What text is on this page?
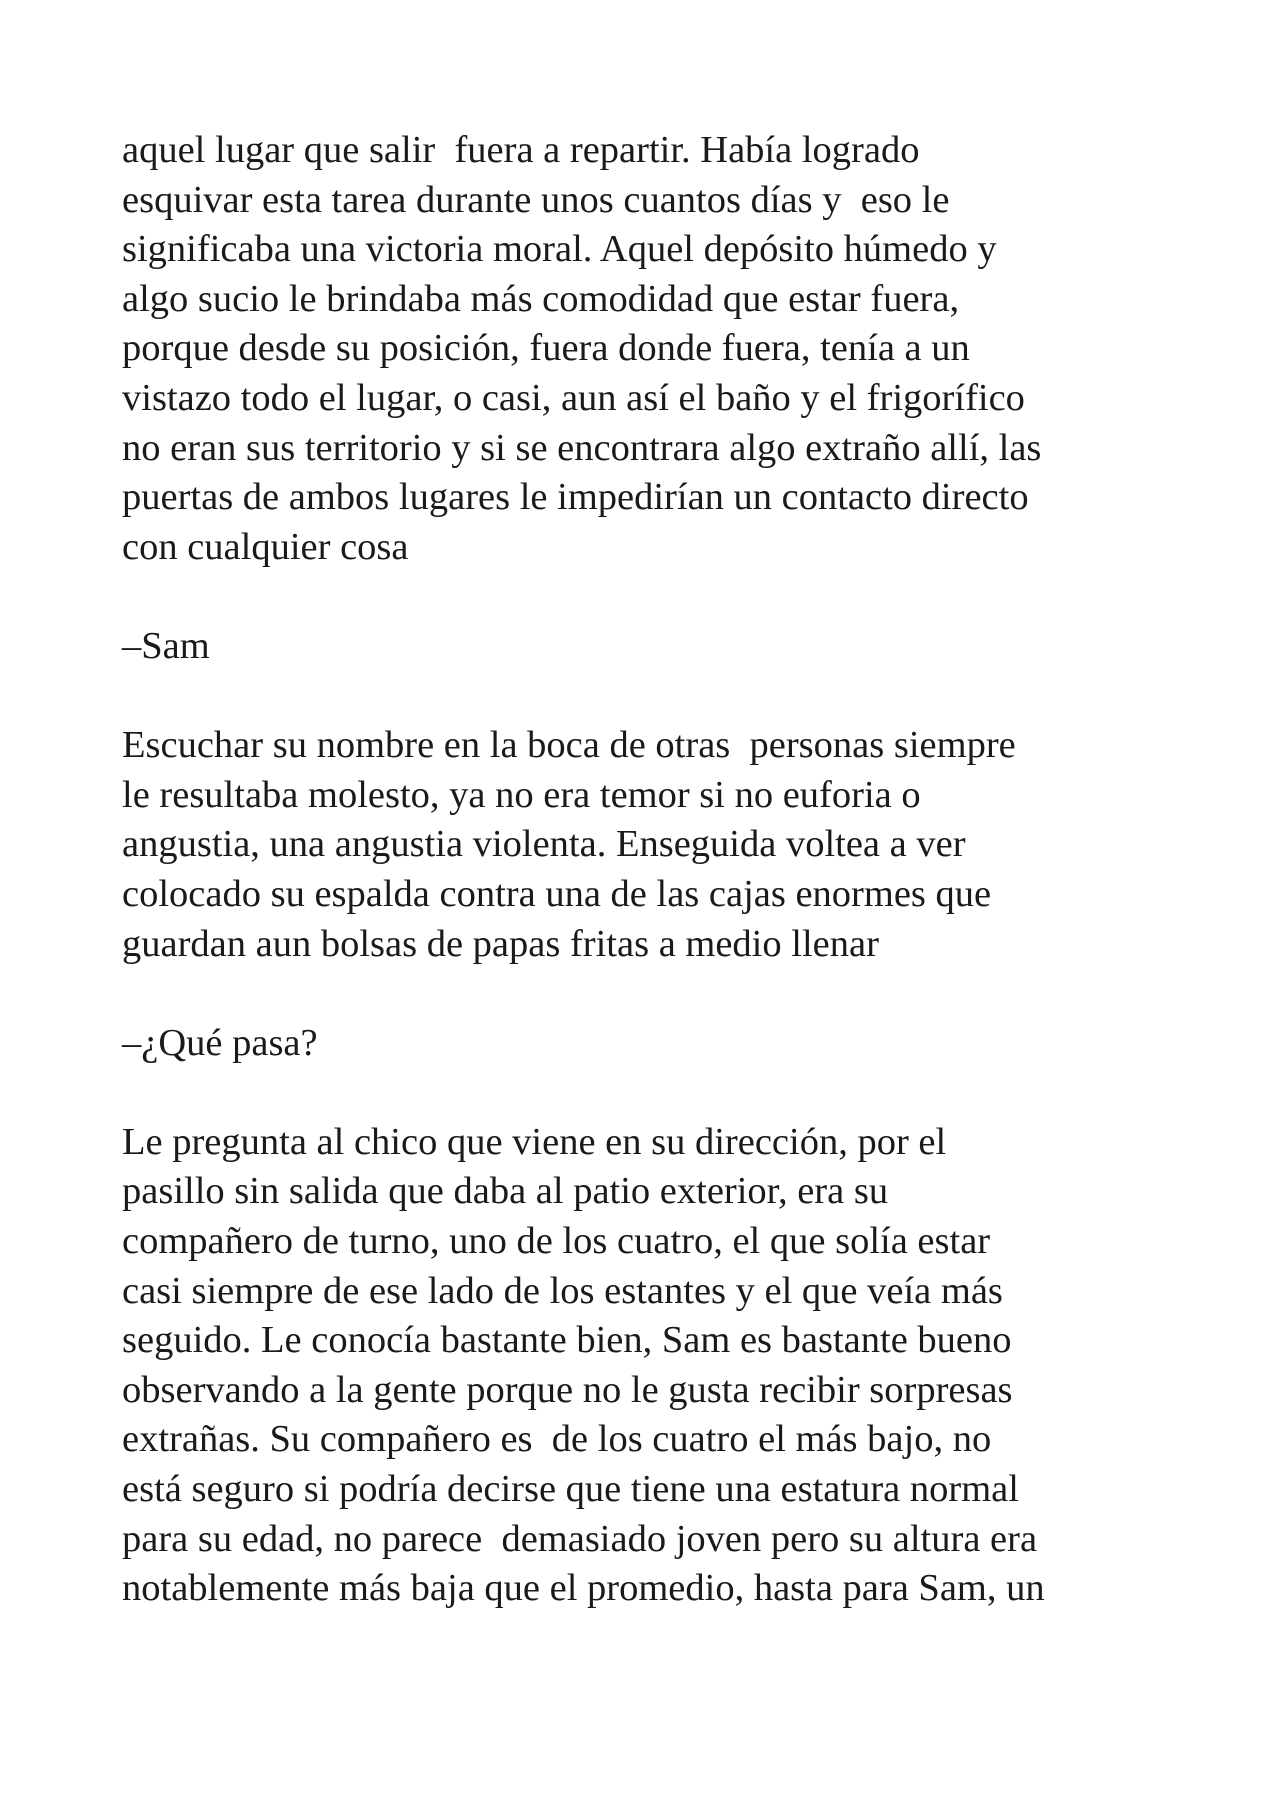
aquel lugar que salir  fuera a repartir. Había logrado

esquivar esta tarea durante unos cuantos días y  eso le

significaba una victoria moral. Aquel depósito húmedo y

algo sucio le brindaba más comodidad que estar fuera,

porque desde su posición, fuera donde fuera, tenía a un

vistazo todo el lugar, o casi, aun así el baño y el frigorífico

no eran sus territorio y si se encontrara algo extraño allí, las

puertas de ambos lugares le impedirían un contacto directo

con cualquier cosa

–Sam

Escuchar su nombre en la boca de otras  personas siempre

le resultaba molesto, ya no era temor si no euforia o

angustia, una angustia violenta. Enseguida voltea a ver

colocado su espalda contra una de las cajas enormes que

guardan aun bolsas de papas fritas a medio llenar

–¿Qué pasa?

Le pregunta al chico que viene en su dirección, por el

pasillo sin salida que daba al patio exterior, era su

compañero de turno, uno de los cuatro, el que solía estar

casi siempre de ese lado de los estantes y el que veía más

seguido. Le conocía bastante bien, Sam es bastante bueno

observando a la gente porque no le gusta recibir sorpresas

extrañas. Su compañero es  de los cuatro el más bajo, no

está seguro si podría decirse que tiene una estatura normal

para su edad, no parece  demasiado joven pero su altura era

notablemente más baja que el promedio, hasta para Sam, un
